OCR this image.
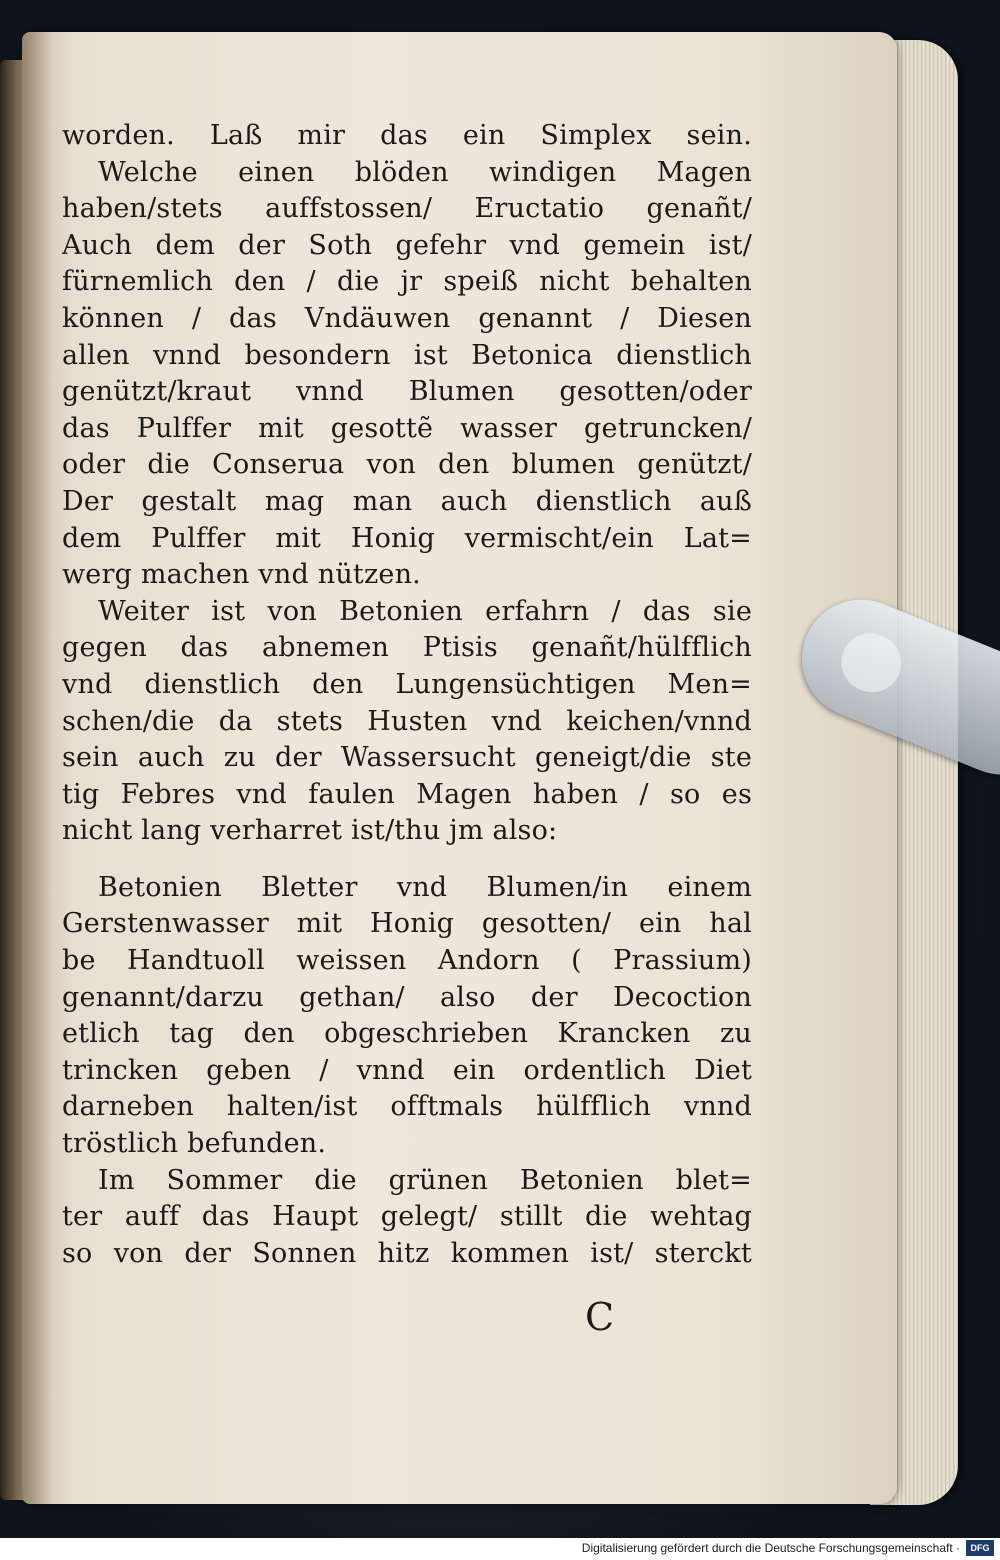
worden. Laß mir das ein Simplex sein.
Welche einen blöden windigen Magen
haben/stets auffstossen/ Eructatio genañt/
Auch dem der Soth gefehr vnd gemein ist/
fürnemlich den / die jr speiß nicht behalten
können / das Vndäuwen genannt / Diesen
allen vnnd besondern ist Betonica dienstlich
genützt/kraut vnnd Blumen gesotten/oder
das Pulffer mit gesottẽ wasser getruncken/
oder die Conserua von den blumen genützt/
Der gestalt mag man auch dienstlich auß
dem Pulffer mit Honig vermischt/ein Lat=
werg machen vnd nützen.
Weiter ist von Betonien erfahrn / das sie
gegen das abnemen Ptisis genañt/hülfflich
vnd dienstlich den Lungensüchtigen Men=
schen/die da stets Husten vnd keichen/vnnd
sein auch zu der Wassersucht geneigt/die ste
tig Febres vnd faulen Magen haben / so es
nicht lang verharret ist/thu jm also:
Betonien Bletter vnd Blumen/in einem
Gerstenwasser mit Honig gesotten/ ein hal
be Handtuoll weissen Andorn ( Prassium)
genannt/darzu gethan/ also der Decoction
etlich tag den obgeschrieben Krancken zu
trincken geben / vnnd ein ordentlich Diet
darneben halten/ist offtmals hülfflich vnnd
tröstlich befunden.
Im Sommer die grünen Betonien blet=
ter auff das Haupt gelegt/ stillt die wehtag
so von der Sonnen hitz kommen ist/ sterckt
C
Digitalisierung gefördert durch die Deutsche Forschungsgemeinschaft ·	DFG
